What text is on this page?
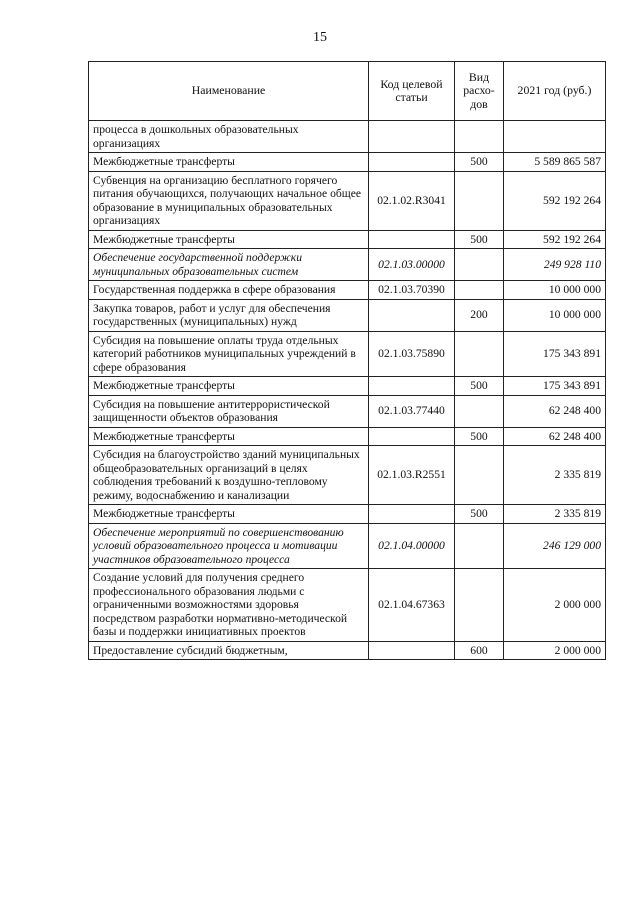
15
Наименование	Код целевой статьи	Вид расхо-дов	2021 год (руб.)
процесса в дошкольных образовательных организациях			
Межбюджетные трансферты		500	5 589 865 587
Субвенция на организацию бесплатного горячего питания обучающихся, получающих начальное общее образование в муниципальных образовательных организациях	02.1.02.R3041		592 192 264
Межбюджетные трансферты		500	592 192 264
Обеспечение государственной поддержки муниципальных образовательных систем	02.1.03.00000		249 928 110
Государственная поддержка в сфере образования	02.1.03.70390		10 000 000
Закупка товаров, работ и услуг для обеспечения государственных (муниципальных) нужд		200	10 000 000
Субсидия на повышение оплаты труда отдельных категорий работников муниципальных учреждений в сфере образования	02.1.03.75890		175 343 891
Межбюджетные трансферты		500	175 343 891
Субсидия на повышение антитеррористической защищенности объектов образования	02.1.03.77440		62 248 400
Межбюджетные трансферты		500	62 248 400
Субсидия на благоустройство зданий муниципальных общеобразовательных организаций в целях соблюдения требований к воздушно-тепловому режиму, водоснабжению и канализации	02.1.03.R2551		2 335 819
Межбюджетные трансферты		500	2 335 819
Обеспечение мероприятий по совершенствованию условий образовательного процесса и мотивации участников образовательного процесса	02.1.04.00000		246 129 000
Создание условий для получения среднего профессионального образования людьми с ограниченными возможностями здоровья посредством разработки нормативно-методической базы и поддержки инициативных проектов	02.1.04.67363		2 000 000
Предоставление субсидий бюджетным,		600	2 000 000
